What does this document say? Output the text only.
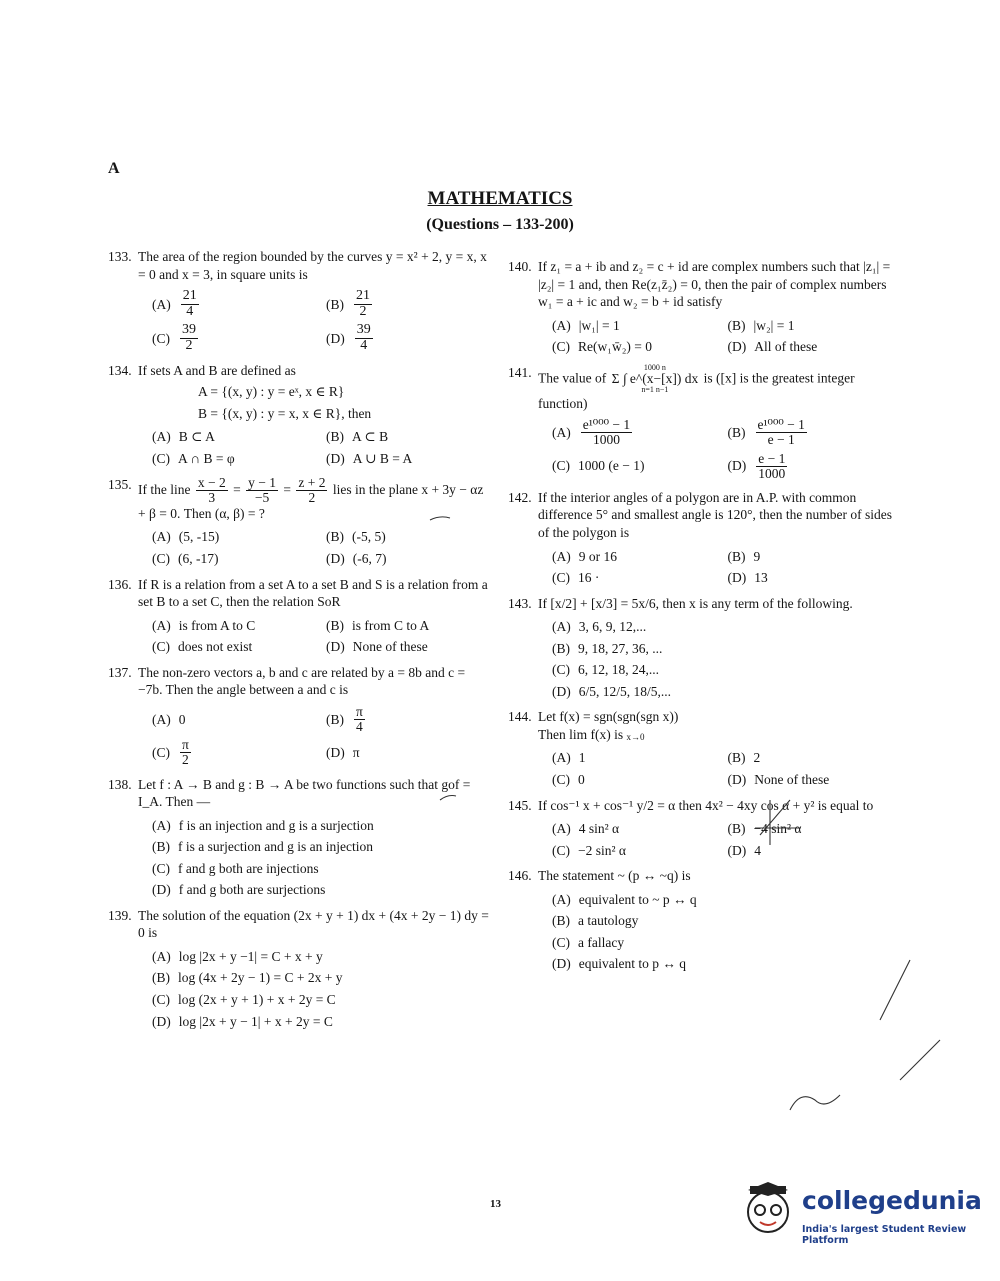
A
MATHEMATICS
(Questions – 133-200)
133. The area of the region bounded by the curves y = x² + 2, y = x, x = 0 and x = 3, in square units is
$(A) \frac{21}{4}$	$(B) \frac{21}{2}$
$(C) \frac{39}{2}$	$(D) \frac{39}{4}$
134. If sets A and B are defined as
A = {(x, y) : y = eˣ, x ∈ R}
B = {(x, y) : y = x, x ∈ R}, then
(A) B ⊂ A	(B) A ⊂ B
(C) A ∩ B = φ	(D) A ∪ B = A
135. If the line $\frac{x - 2}{3} = \frac{y - 1}{-5} = \frac{z + 2}{2}$ lies in the plane x + 3y − αz + β = 0. Then (α, β) = ?
(A) (5, -15)	(B) (-5, 5)
(C) (6, -17)	(D) (-6, 7)
136. If R is a relation from a set A to a set B and S is a relation from a set B to a set C, then the relation SoR
(A) is from A to C	(B) is from C to A
(C) does not exist	(D) None of these
137. The non-zero vectors a, b and c are related by a = 8b and c = −7b. Then the angle between a and c is
(A) 0	$(B) \frac{\pi}{4}$
$(C) \frac{\pi}{2}$	(D) π
138. Let f : A → B and g : B → A be two functions such that gof = I_A. Then —
(A) f is an injection and g is a surjection
(B) f is a surjection and g is an injection
(C) f and g both are injections
(D) f and g both are surjections
139. The solution of the equation (2x + y + 1) dx + (4x + 2y − 1) dy = 0 is
(A) log |2x + y −1| = C + x + y
(B) log (4x + 2y − 1) = C + 2x + y
(C) log (2x + y + 1) + x + 2y = C
(D) log |2x + y − 1| + x + 2y = C
140. If z₁ = a + ib and z₂ = c + id are complex numbers such that |z₁| = |z₂| = 1 and, then Re(z₁z̄₂) = 0, then the pair of complex numbers w₁ = a + ic and w₂ = b + id satisfy
(A) |w₁| = 1	(B) |w₂| = 1
(C) Re(w₁w̄₂) = 0	(D) All of these
141. The value of
1000 n
Σ ∫ e^(x−[x]) dx
n=1 n−1
is ([x] is the greatest integer function)
$(A) \frac{\text{e¹⁰⁰⁰ − 1}}{1000}$	$(B) \frac{\text{e¹⁰⁰⁰ − 1}}{e - 1}$
(C) 1000 (e − 1)	$(D) \frac{e - 1}{1000}$
142. If the interior angles of a polygon are in A.P. with common difference 5° and smallest angle is 120°, then the number of sides of the polygon is
(A) 9 or 16	(B) 9
(C) 16 ·	(D) 13
143. If [x/2] + [x/3] = 5x/6, then x is any term of the following.
(A) 3, 6, 9, 12,...
(B) 9, 18, 27, 36, ...
(C) 6, 12, 18, 24,...
(D) 6/5, 12/5, 18/5,...
144. Let f(x) = sgn(sgn(sgn x))
Then lim f(x) is
x→0
(A) 1	(B) 2
(C) 0	(D) None of these
145. If cos⁻¹ x + cos⁻¹ y/2 = α then 4x² − 4xy cos α + y² is equal to
(A) 4 sin² α	(B) −4 sin² α
(C) −2 sin² α	(D) 4
146. The statement ~ (p ↔ ~q) is
(A) equivalent to ~ p ↔ q
(B) a tautology
(C) a fallacy
(D) equivalent to p ↔ q
13	collegedunia
India's largest Student Review Platform
